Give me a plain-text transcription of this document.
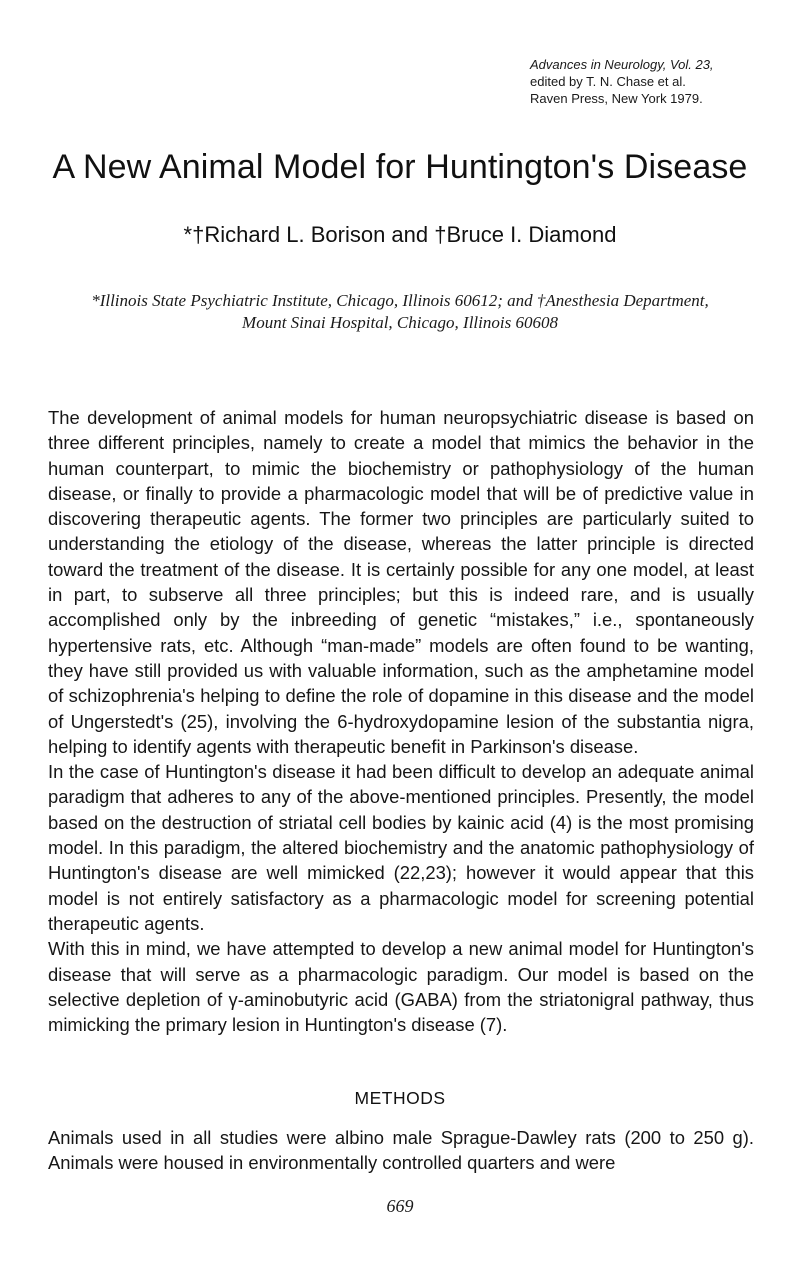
Advances in Neurology, Vol. 23,
edited by T. N. Chase et al.
Raven Press, New York 1979.
A New Animal Model for Huntington's Disease
*†Richard L. Borison and †Bruce I. Diamond
*Illinois State Psychiatric Institute, Chicago, Illinois 60612; and †Anesthesia Department,
Mount Sinai Hospital, Chicago, Illinois 60608

The development of animal models for human neuropsychiatric disease is based on three different principles, namely to create a model that mimics the behavior in the human counterpart, to mimic the biochemistry or pathophysiology of the human disease, or finally to provide a pharmacologic model that will be of predictive value in discovering therapeutic agents. The former two principles are particularly suited to understanding the etiology of the disease, whereas the latter principle is directed toward the treatment of the disease. It is certainly possible for any one model, at least in part, to subserve all three principles; but this is indeed rare, and is usually accomplished only by the inbreeding of genetic “mistakes,” i.e., spontaneously hypertensive rats, etc. Although “man-made” models are often found to be wanting, they have still provided us with valuable information, such as the amphetamine model of schizophrenia's helping to define the role of dopamine in this disease and the model of Ungerstedt's (25), involving the 6-hydroxydopamine lesion of the substantia nigra, helping to identify agents with therapeutic benefit in Parkinson's disease.

In the case of Huntington's disease it had been difficult to develop an adequate animal paradigm that adheres to any of the above-mentioned principles. Presently, the model based on the destruction of striatal cell bodies by kainic acid (4) is the most promising model. In this paradigm, the altered biochemistry and the anatomic pathophysiology of Huntington's disease are well mimicked (22,23); however it would appear that this model is not entirely satisfactory as a pharmacologic model for screening potential therapeutic agents.

With this in mind, we have attempted to develop a new animal model for Huntington's disease that will serve as a pharmacologic paradigm. Our model is based on the selective depletion of γ-aminobutyric acid (GABA) from the striatonigral pathway, thus mimicking the primary lesion in Huntington's disease (7).

METHODS

Animals used in all studies were albino male Sprague-Dawley rats (200 to 250 g). Animals were housed in environmentally controlled quarters and were

669
